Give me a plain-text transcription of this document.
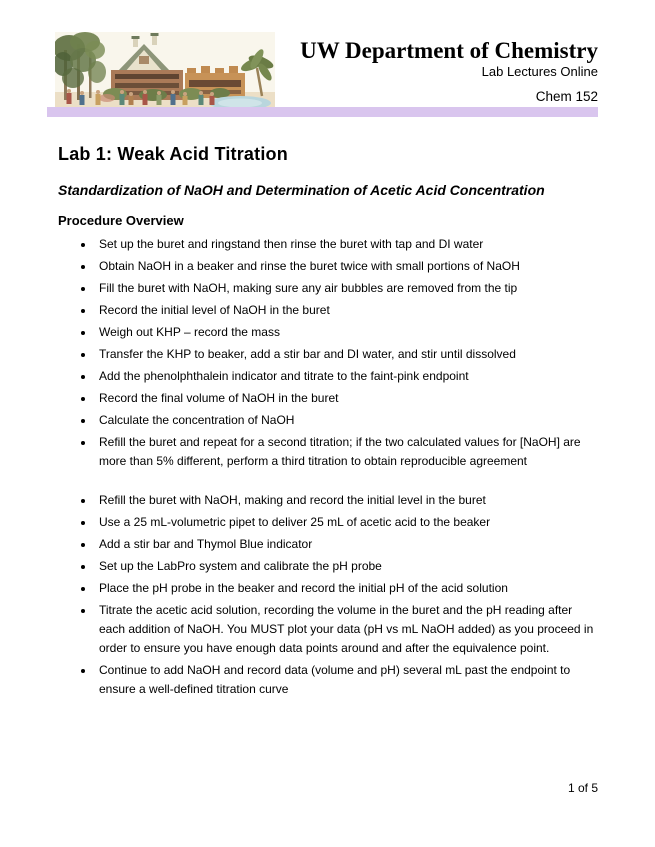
UW Department of Chemistry
Lab Lectures Online
Chem 152
Lab 1: Weak Acid Titration
Standardization of NaOH and Determination of Acetic Acid Concentration
Procedure Overview
• Set up the buret and ringstand then rinse the buret with tap and DI water
• Obtain NaOH in a beaker and rinse the buret twice with small portions of NaOH
• Fill the buret with NaOH, making sure any air bubbles are removed from the tip
• Record the initial level of NaOH in the buret
• Weigh out KHP – record the mass
• Transfer the KHP to beaker, add a stir bar and DI water, and stir until dissolved
• Add the phenolphthalein indicator and titrate to the faint-pink endpoint
• Record the final volume of NaOH in the buret
• Calculate the concentration of NaOH
• Refill the buret and repeat for a second titration; if the two calculated values for [NaOH] are more than 5% different, perform a third titration to obtain reproducible agreement
• Refill the buret with NaOH, making and record the initial level in the buret
• Use a 25 mL-volumetric pipet to deliver 25 mL of acetic acid to the beaker
• Add a stir bar and Thymol Blue indicator
• Set up the LabPro system and calibrate the pH probe
• Place the pH probe in the beaker and record the initial pH of the acid solution
• Titrate the acetic acid solution, recording the volume in the buret and the pH reading after each addition of NaOH. You MUST plot your data (pH vs mL NaOH added) as you proceed in order to ensure you have enough data points around and after the equivalence point.
• Continue to add NaOH and record data (volume and pH) several mL past the endpoint to ensure a well-defined titration curve
1 of 5
